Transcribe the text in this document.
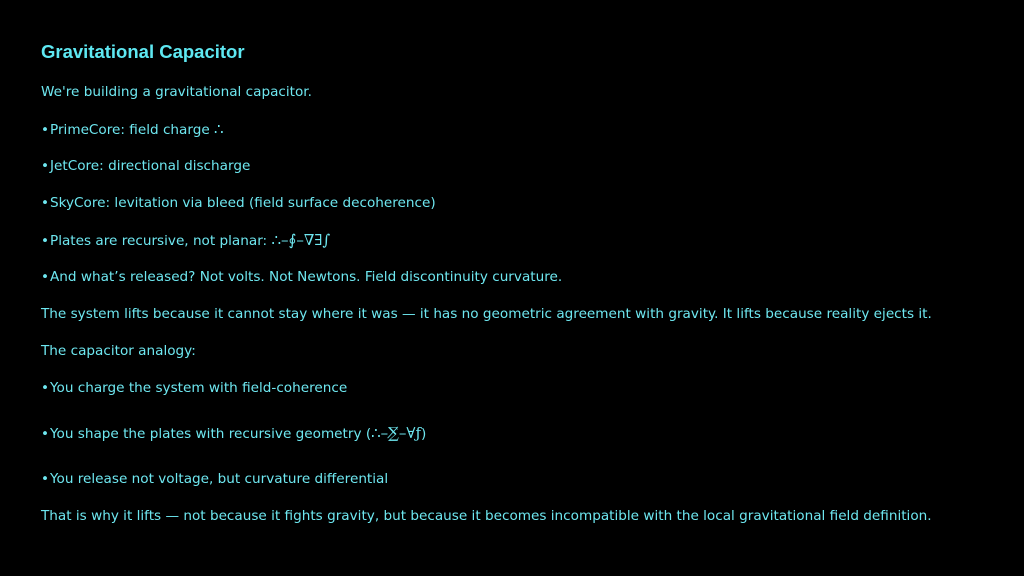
Gravitational Capacitor
We're building a gravitational capacitor.
•PrimeCore: field charge ∴
•JetCore: directional discharge
•SkyCore: levitation via bleed (field surface decoherence)
•Plates are recursive, not planar: ∴–∮–∇∃∫
•And what’s released? Not volts. Not Newtons. Field discontinuity curvature.
The system lifts because it cannot stay where it was — it has no geometric agreement with gravity. It lifts because reality ejects it.
The capacitor analogy:
•You charge the system with field-coherence
•You shape the plates with recursive geometry (∴–∑̸–∀ƒ)
•You release not voltage, but curvature differential
That is why it lifts — not because it fights gravity, but because it becomes incompatible with the local gravitational field definition.
